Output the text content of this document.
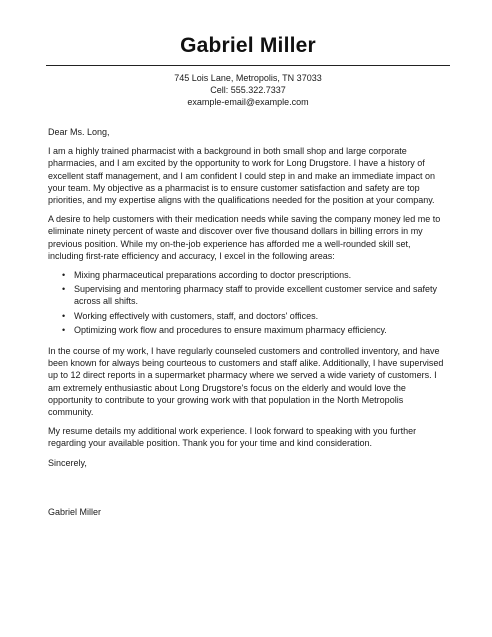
Gabriel Miller
745 Lois Lane, Metropolis, TN 37033
Cell: 555.322.7337
example-email@example.com

Dear Ms. Long,

I am a highly trained pharmacist with a background in both small shop and large corporate pharmacies, and I am excited by the opportunity to work for Long Drugstore. I have a history of excellent staff management, and I am confident I could step in and make an immediate impact on your team. My objective as a pharmacist is to ensure customer satisfaction and safety are top priorities, and my expertise aligns with the qualifications needed for the position at your company.

A desire to help customers with their medication needs while saving the company money led me to eliminate ninety percent of waste and discover over five thousand dollars in billing errors in my previous position. While my on-the-job experience has afforded me a well-rounded skill set, including first-rate efficiency and accuracy, I excel in the following areas:

• Mixing pharmaceutical preparations according to doctor prescriptions.
• Supervising and mentoring pharmacy staff to provide excellent customer service and safety across all shifts.
• Working effectively with customers, staff, and doctors' offices.
• Optimizing work flow and procedures to ensure maximum pharmacy efficiency.

In the course of my work, I have regularly counseled customers and controlled inventory, and have been known for always being courteous to customers and staff alike. Additionally, I have supervised up to 12 direct reports in a supermarket pharmacy where we served a wide variety of customers. I am extremely enthusiastic about Long Drugstore's focus on the elderly and would love the opportunity to contribute to your growing work with that population in the North Metropolis community.

My resume details my additional work experience. I look forward to speaking with you further regarding your available position. Thank you for your time and kind consideration.

Sincerely,

Gabriel Miller
